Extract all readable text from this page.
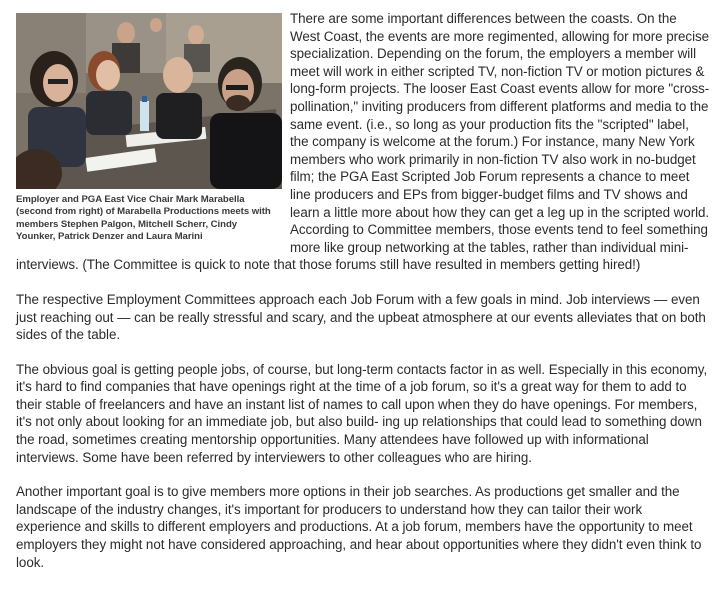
Employer and PGA East Vice Chair Mark Marabella (second from right) of Marabella Productions meets with members Stephen Palgon, Mitchell Scherr, Cindy Younker, Patrick Denzer and Laura Marini

There are some important differences between the coasts. On the West Coast, the events are more regimented, allowing for more precise specialization. Depending on the forum, the employers a member will meet will work in either scripted TV, non-fiction TV or motion pictures & long-form projects. The looser East Coast events allow for more "cross-pollination," inviting producers from different platforms and media to the same event. (i.e., so long as your production fits the "scripted" label, the company is welcome at the forum.) For instance, many New York members who work primarily in non-fiction TV also work in no-budget film; the PGA East Scripted Job Forum represents a chance to meet line producers and EPs from bigger-budget films and TV shows and learn a little more about how they can get a leg up in the scripted world. According to Committee members, those events tend to feel something more like group networking at the tables, rather than individual mini-interviews. (The Committee is quick to note that those forums still have resulted in members getting hired!)

The respective Employment Committees approach each Job Forum with a few goals in mind. Job interviews — even just reaching out — can be really stressful and scary, and the upbeat atmosphere at our events alleviates that on both sides of the table.

The obvious goal is getting people jobs, of course, but long-term contacts factor in as well. Especially in this economy, it's hard to find companies that have openings right at the time of a job forum, so it's a great way for them to add to their stable of freelancers and have an instant list of names to call upon when they do have openings. For members, it's not only about looking for an immediate job, but also build- ing up relationships that could lead to something down the road, sometimes creating mentorship opportunities. Many attendees have followed up with informational interviews. Some have been referred by interviewers to other colleagues who are hiring.

Another important goal is to give members more options in their job searches. As productions get smaller and the landscape of the industry changes, it's important for producers to understand how they can tailor their work experience and skills to different employers and productions. At a job forum, members have the opportunity to meet employers they might not have considered approaching, and hear about opportunities where they didn't even think to look.
